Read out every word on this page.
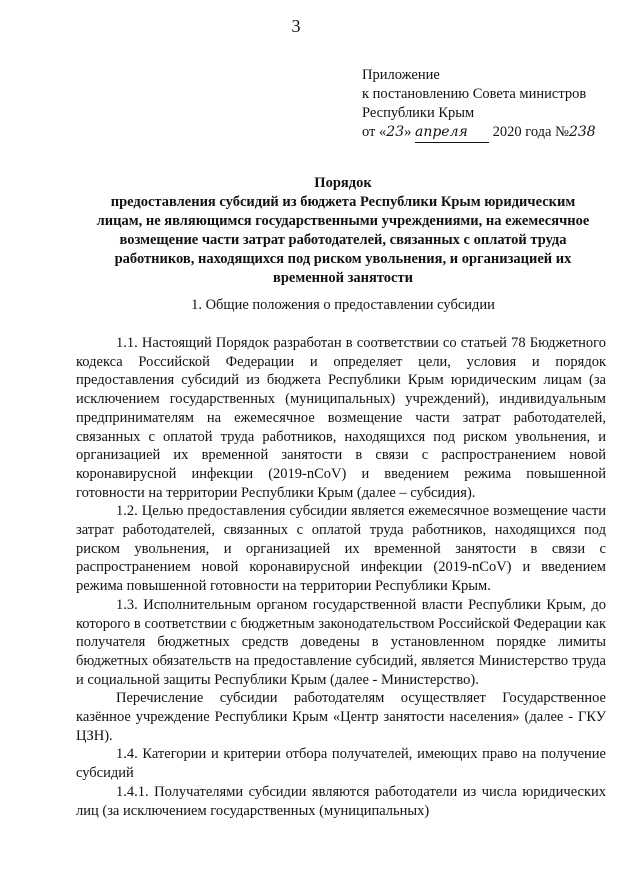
3
Приложение
к постановлению Совета министров
Республики Крым
от «23» апреля 2020 года №238
Порядок
предоставления субсидий из бюджета Республики Крым юридическим
лицам, не являющимся государственными учреждениями, на ежемесячное
возмещение части затрат работодателей, связанных с оплатой труда
работников, находящихся под риском увольнения, и организацией их
временной занятости
1. Общие положения о предоставлении субсидии

1.1. Настоящий Порядок разработан в соответствии со статьей 78 Бюджетного кодекса Российской Федерации и определяет цели, условия и порядок предоставления субсидий из бюджета Республики Крым юридическим лицам (за исключением государственных (муниципальных) учреждений), индивидуальным предпринимателям на ежемесячное возмещение части затрат работодателей, связанных с оплатой труда работников, находящихся под риском увольнения, и организацией их временной занятости в связи с распространением новой коронавирусной инфекции (2019-nCoV) и введением режима повышенной готовности на территории Республики Крым (далее – субсидия).

1.2. Целью предоставления субсидии является ежемесячное возмещение части затрат работодателей, связанных с оплатой труда работников, находящихся под риском увольнения, и организацией их временной занятости в связи с распространением новой коронавирусной инфекции (2019-nCoV) и введением режима повышенной готовности на территории Республики Крым.

1.3. Исполнительным органом государственной власти Республики Крым, до которого в соответствии с бюджетным законодательством Российской Федерации как получателя бюджетных средств доведены в установленном порядке лимиты бюджетных обязательств на предоставление субсидий, является Министерство труда и социальной защиты Республики Крым (далее - Министерство).

Перечисление субсидии работодателям осуществляет Государственное казённое учреждение Республики Крым «Центр занятости населения» (далее - ГКУ ЦЗН).

1.4. Категории и критерии отбора получателей, имеющих право на получение субсидий

1.4.1. Получателями субсидии являются работодатели из числа юридических лиц (за исключением государственных (муниципальных)
